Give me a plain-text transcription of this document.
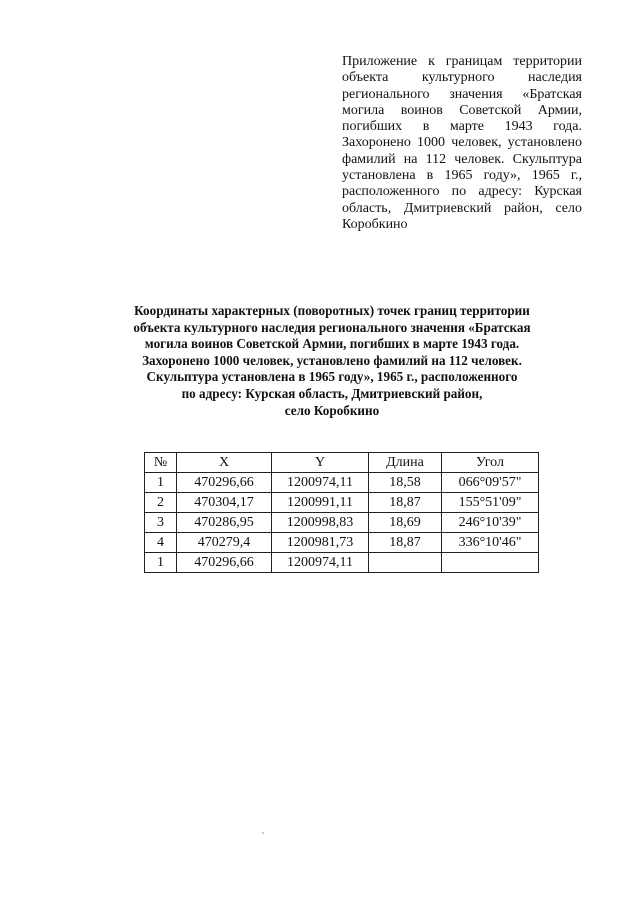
Приложение к границам территории объекта культурного наследия регионального значения «Братская могила воинов Советской Армии, погибших в марте 1943 года. Захоронено 1000 человек, установлено фамилий на 112 человек. Скульптура установлена в 1965 году», 1965 г., расположенного по адресу: Курская область, Дмитриевский район, село Коробкино
Координаты характерных (поворотных) точек границ территории
объекта культурного наследия регионального значения «Братская
могила воинов Советской Армии, погибших в марте 1943 года.
Захоронено 1000 человек, установлено фамилий на 112 человек.
Скульптура установлена в 1965 году», 1965 г., расположенного
по адресу: Курская область, Дмитриевский район,
село Коробкино
№	X	Y	Длина	Угол
1	470296,66	1200974,11	18,58	066°09'57"
2	470304,17	1200991,11	18,87	155°51'09"
3	470286,95	1200998,83	18,69	246°10'39"
4	470279,4	1200981,73	18,87	336°10'46"
1	470296,66	1200974,11		
